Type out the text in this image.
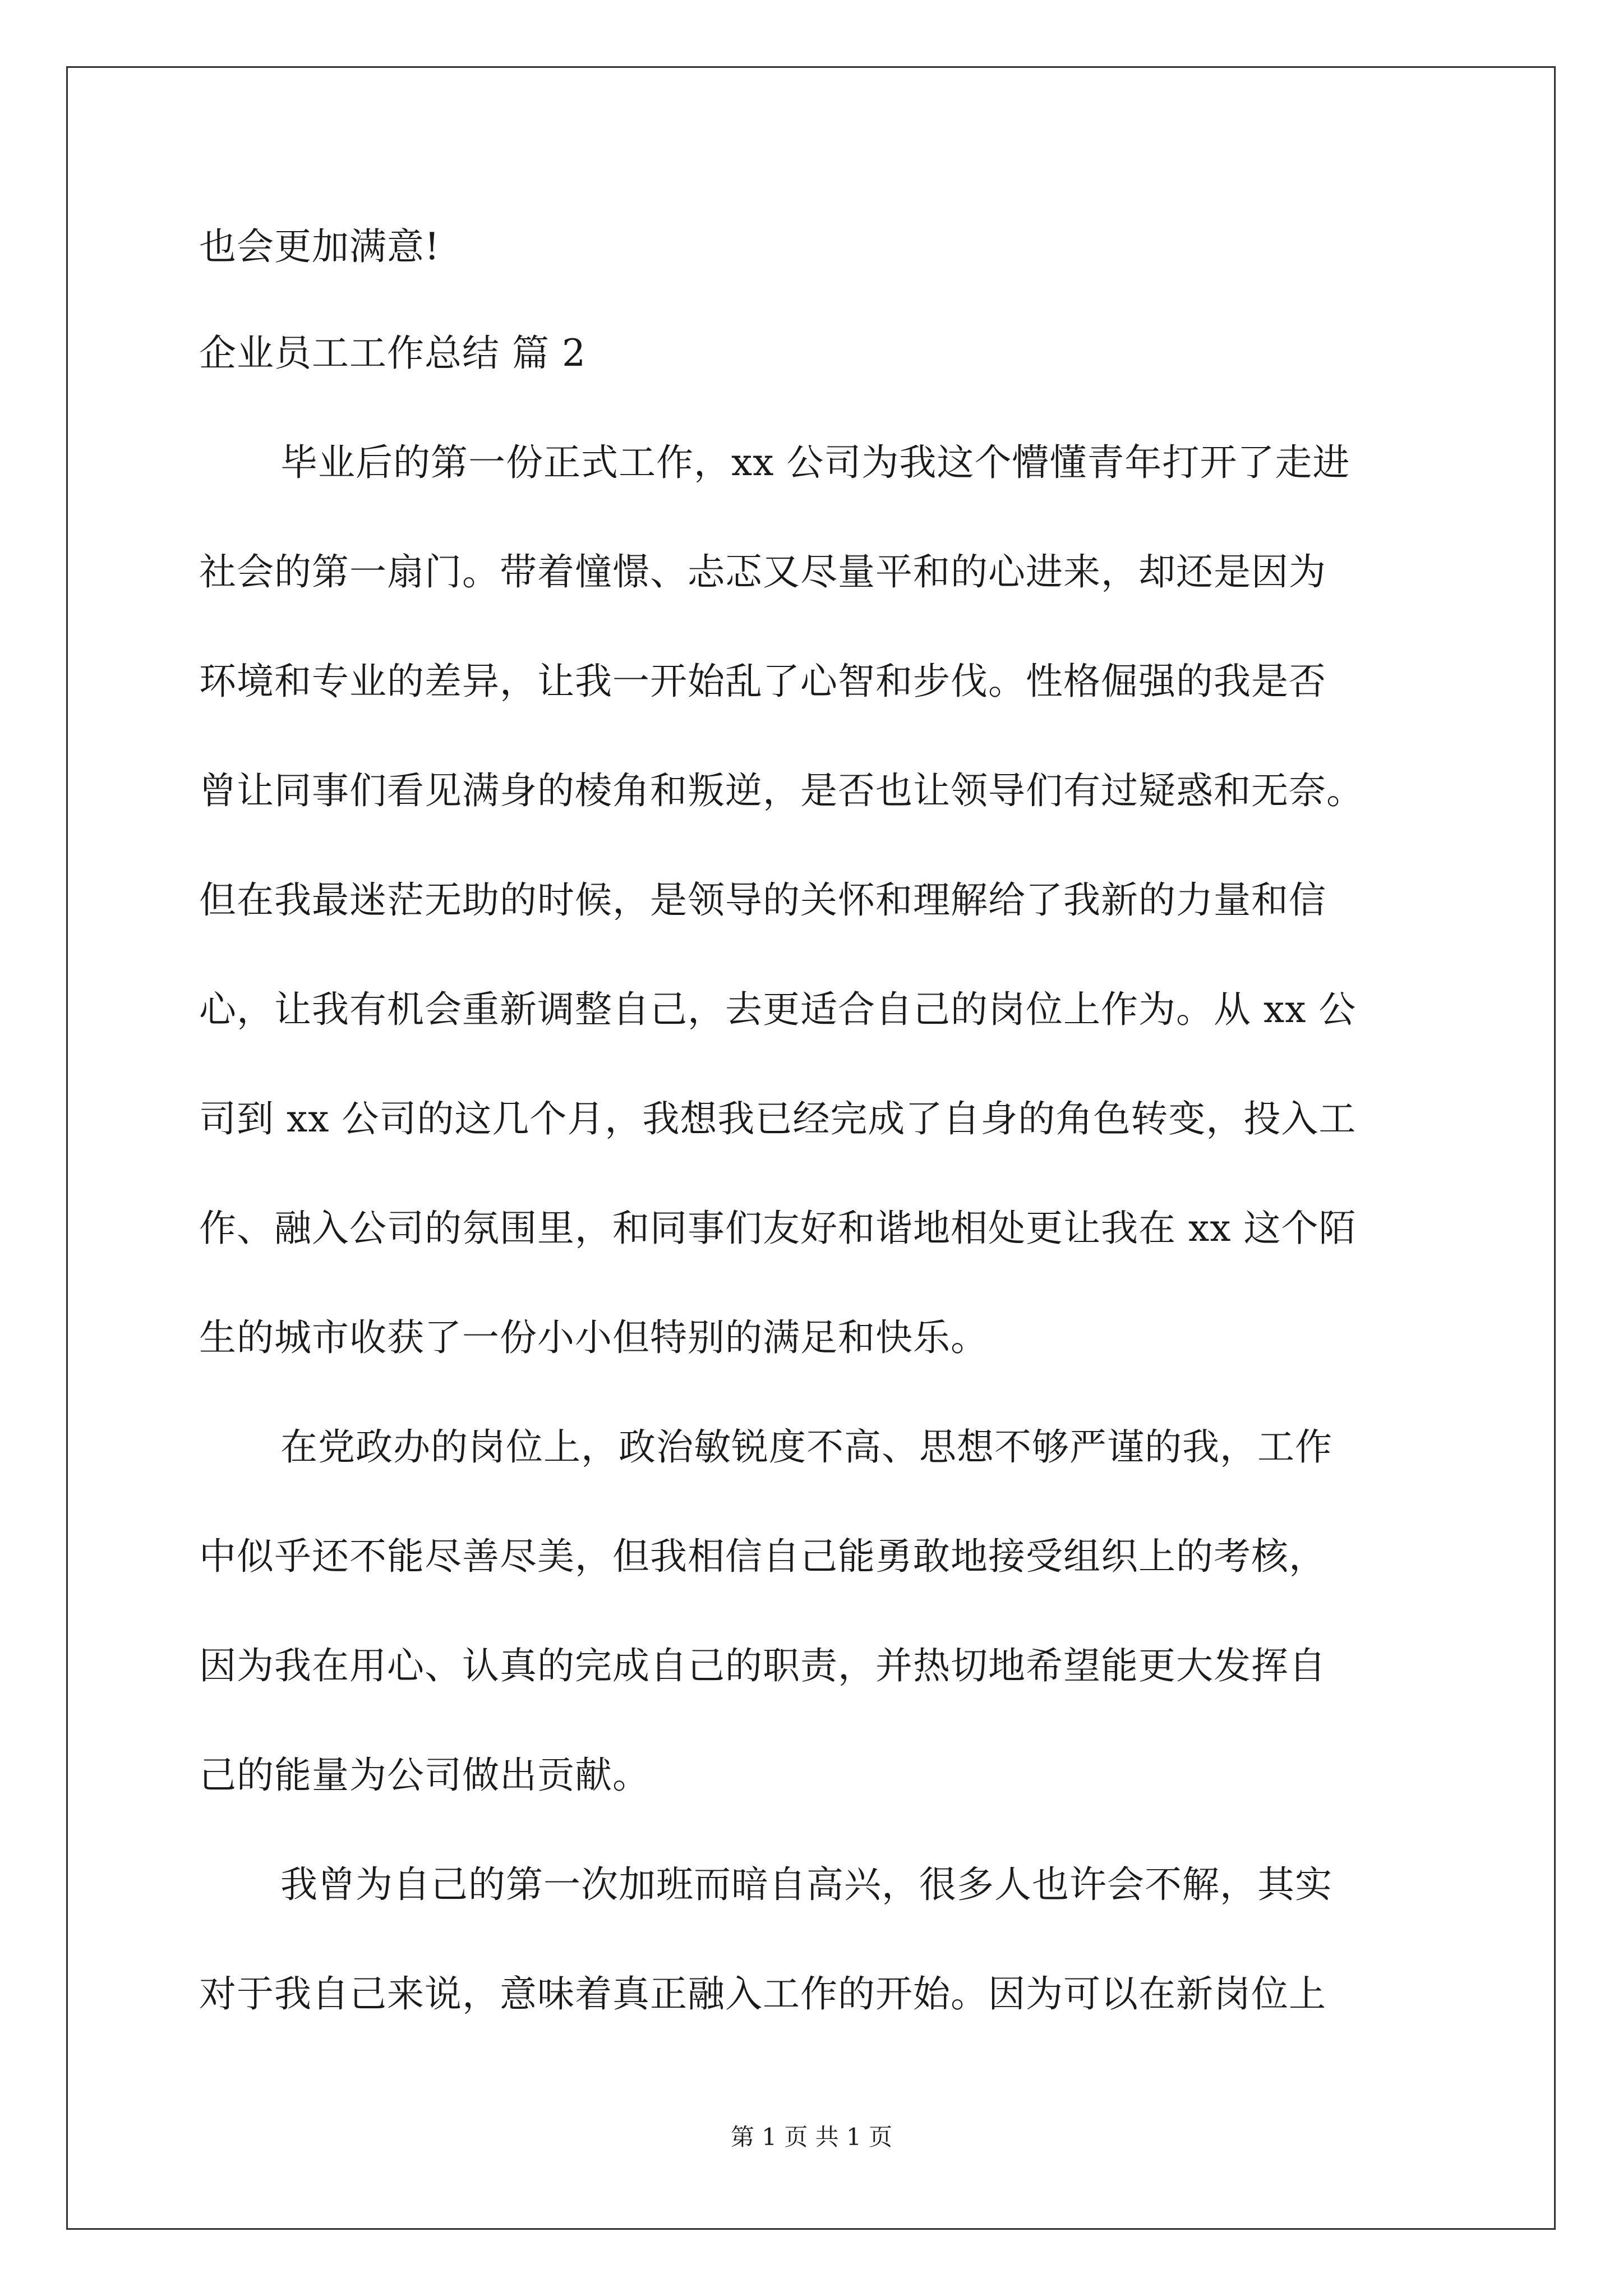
也会更加满意!
企业员工工作总结 篇 2
毕业后的第一份正式工作，xx 公司为我这个懵懂青年打开了走进
社会的第一扇门。带着憧憬、忐忑又尽量平和的心进来，却还是因为
环境和专业的差异，让我一开始乱了心智和步伐。性格倔强的我是否
曾让同事们看见满身的棱角和叛逆，是否也让领导们有过疑惑和无奈。
但在我最迷茫无助的时候，是领导的关怀和理解给了我新的力量和信
心，让我有机会重新调整自己，去更适合自己的岗位上作为。从 xx 公
司到 xx 公司的这几个月，我想我已经完成了自身的角色转变，投入工
作、融入公司的氛围里，和同事们友好和谐地相处更让我在 xx 这个陌
生的城市收获了一份小小但特别的满足和快乐。
在党政办的岗位上，政治敏锐度不高、思想不够严谨的我，工作
中似乎还不能尽善尽美，但我相信自己能勇敢地接受组织上的考核，
因为我在用心、认真的完成自己的职责，并热切地希望能更大发挥自
己的能量为公司做出贡献。
我曾为自己的第一次加班而暗自高兴，很多人也许会不解，其实
对于我自己来说，意味着真正融入工作的开始。因为可以在新岗位上
第 1 页 共 1 页
